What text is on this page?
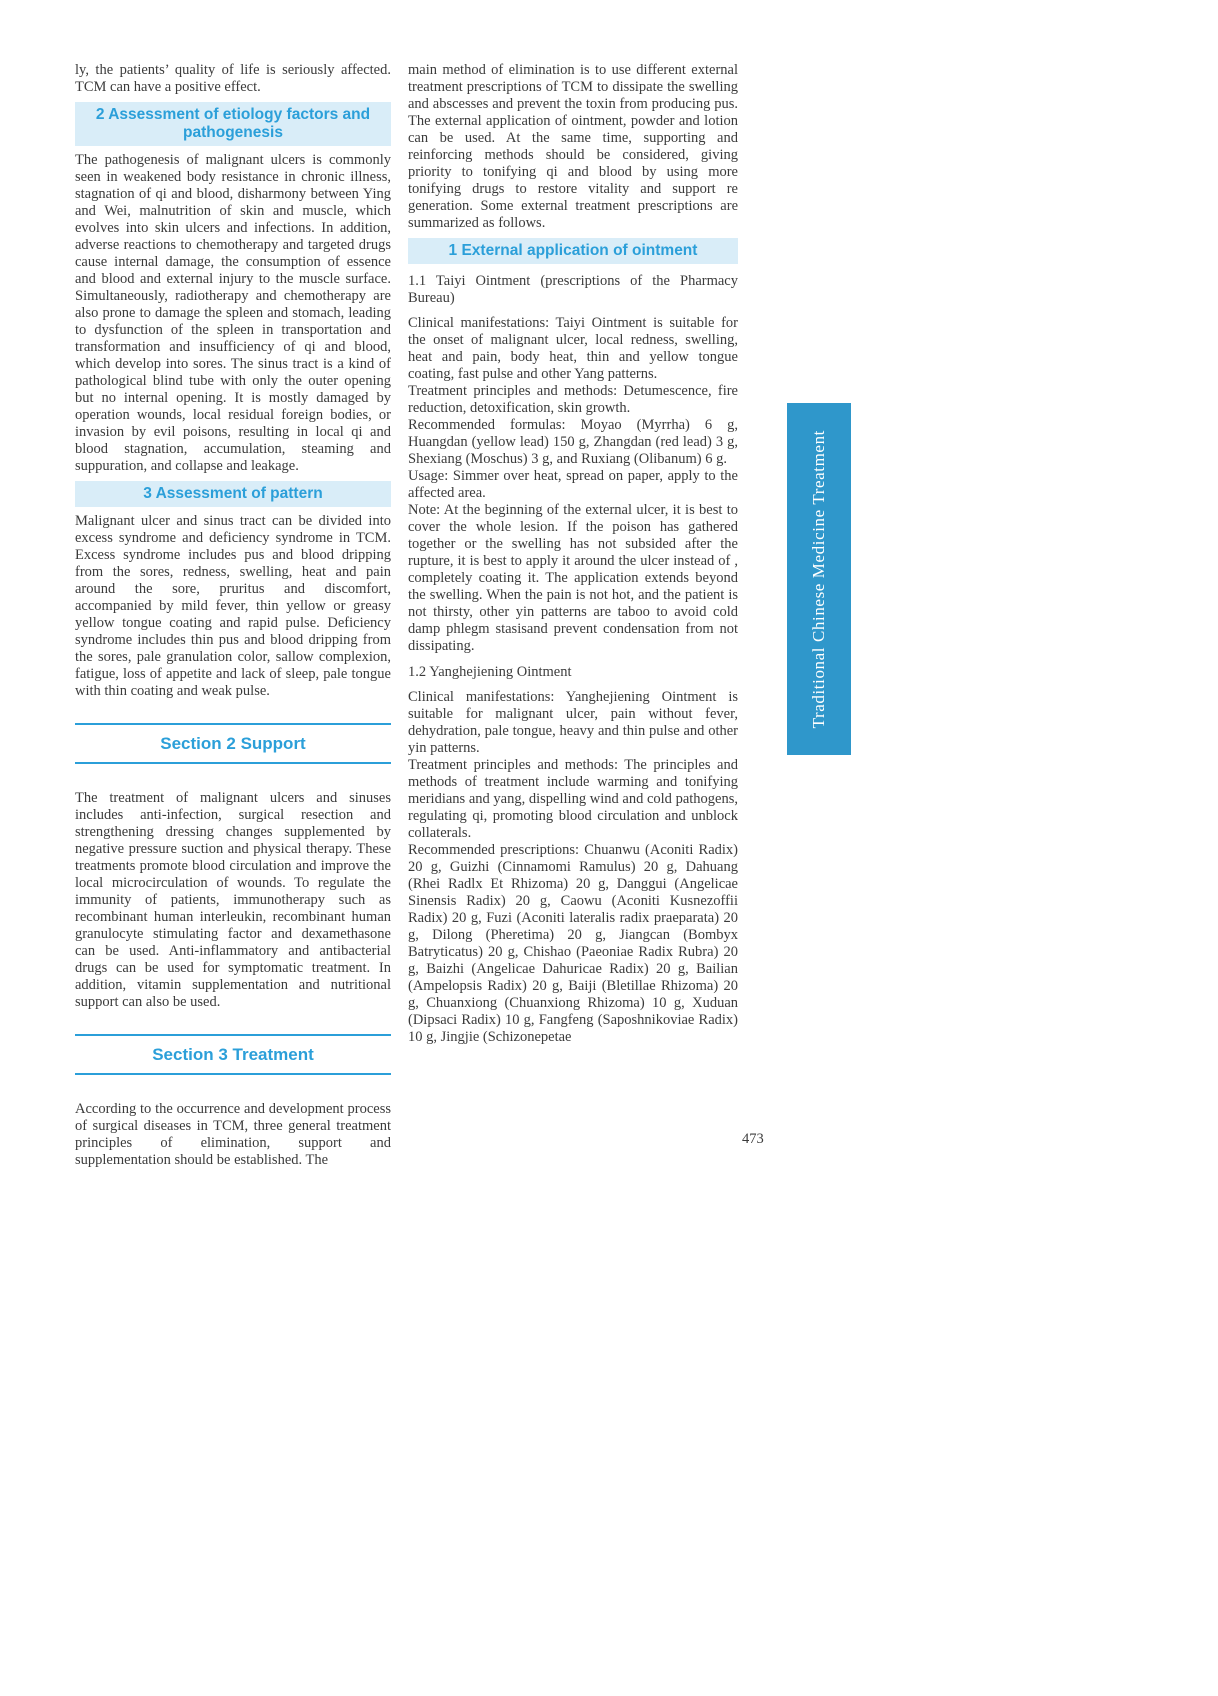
ly, the patients’ quality of life is seriously affected. TCM can have a positive effect.

2 Assessment of etiology factors and pathogenesis

The pathogenesis of malignant ulcers is commonly seen in weakened body resistance in chronic illness, stagnation of qi and blood, disharmony between Ying and Wei, malnutrition of skin and muscle, which evolves into skin ulcers and infections. In addition, adverse reactions to chemotherapy and targeted drugs cause internal damage, the consumption of essence and blood and external injury to the muscle surface. Simultaneously, radiotherapy and chemotherapy are also prone to damage the spleen and stomach, leading to dysfunction of the spleen in transportation and transformation and insufficiency of qi and blood, which develop into sores. The sinus tract is a kind of pathological blind tube with only the outer opening but no internal opening. It is mostly damaged by operation wounds, local residual foreign bodies, or invasion by evil poisons, resulting in local qi and blood stagnation, accumulation, steaming and suppuration, and collapse and leakage.

3 Assessment of pattern

Malignant ulcer and sinus tract can be divided into excess syndrome and deficiency syndrome in TCM. Excess syndrome includes pus and blood dripping from the sores, redness, swelling, heat and pain around the sore, pruritus and discomfort, accompanied by mild fever, thin yellow or greasy yellow tongue coating and rapid pulse. Deficiency syndrome includes thin pus and blood dripping from the sores, pale granulation color, sallow complexion, fatigue, loss of appetite and lack of sleep, pale tongue with thin coating and weak pulse.

Section 2 Support

The treatment of malignant ulcers and sinuses includes anti-infection, surgical resection and strengthening dressing changes supplemented by negative pressure suction and physical therapy. These treatments promote blood circulation and improve the local microcirculation of wounds. To regulate the immunity of patients, immunotherapy such as recombinant human interleukin, recombinant human granulocyte stimulating factor and dexamethasone can be used. Anti-inflammatory and antibacterial drugs can be used for symptomatic treatment. In addition, vitamin supplementation and nutritional support can also be used.

Section 3 Treatment

According to the occurrence and development process of surgical diseases in TCM, three general treatment principles of elimination, support and supplementation should be established. The

main method of elimination is to use different external treatment prescriptions of TCM to dissipate the swelling and abscesses and prevent the toxin from producing pus. The external application of ointment, powder and lotion can be used. At the same time, supporting and reinforcing methods should be considered, giving priority to tonifying qi and blood by using more tonifying drugs to restore vitality and support re generation. Some external treatment prescriptions are summarized as follows.

1 External application of ointment

1.1 Taiyi Ointment (prescriptions of the Pharmacy Bureau)

Clinical manifestations: Taiyi Ointment is suitable for the onset of malignant ulcer, local redness, swelling, heat and pain, body heat, thin and yellow tongue coating, fast pulse and other Yang patterns.

Treatment principles and methods: Detumescence, fire reduction, detoxification, skin growth.

Recommended formulas: Moyao (Myrrha) 6 g, Huangdan (yellow lead) 150 g, Zhangdan (red lead) 3 g, Shexiang (Moschus) 3 g, and Ruxiang (Olibanum) 6 g.

Usage: Simmer over heat, spread on paper, apply to the affected area.

Note: At the beginning of the external ulcer, it is best to cover the whole lesion. If the poison has gathered together or the swelling has not subsided after the rupture, it is best to apply it around the ulcer instead of , completely coating it. The application extends beyond the swelling. When the pain is not hot, and the patient is not thirsty, other yin patterns are taboo to avoid cold damp phlegm stasisand prevent condensation from not dissipating.

1.2 Yanghejiening Ointment

Clinical manifestations: Yanghejiening Ointment is suitable for malignant ulcer, pain without fever, dehydration, pale tongue, heavy and thin pulse and other yin patterns.

Treatment principles and methods: The principles and methods of treatment include warming and tonifying meridians and yang, dispelling wind and cold pathogens, regulating qi, promoting blood circulation and unblock collaterals.

Recommended prescriptions: Chuanwu (Aconiti Radix) 20 g, Guizhi (Cinnamomi Ramulus) 20 g, Dahuang (Rhei Radlx Et Rhizoma) 20 g, Danggui (Angelicae Sinensis Radix) 20 g, Caowu (Aconiti Kusnezoffii Radix) 20 g, Fuzi (Aconiti lateralis radix praeparata) 20 g, Dilong (Pheretima) 20 g, Jiangcan (Bombyx Batryticatus) 20 g, Chishao (Paeoniae Radix Rubra) 20 g, Baizhi (Angelicae Dahuricae Radix) 20 g, Bailian (Ampelopsis Radix) 20 g, Baiji (Bletillae Rhizoma) 20 g, Chuanxiong (Chuanxiong Rhizoma) 10 g, Xuduan (Dipsaci Radix) 10 g, Fangfeng (Saposhnikoviae Radix) 10 g, Jingjie (Schizonepetae

Traditional Chinese Medicine Treatment
473
